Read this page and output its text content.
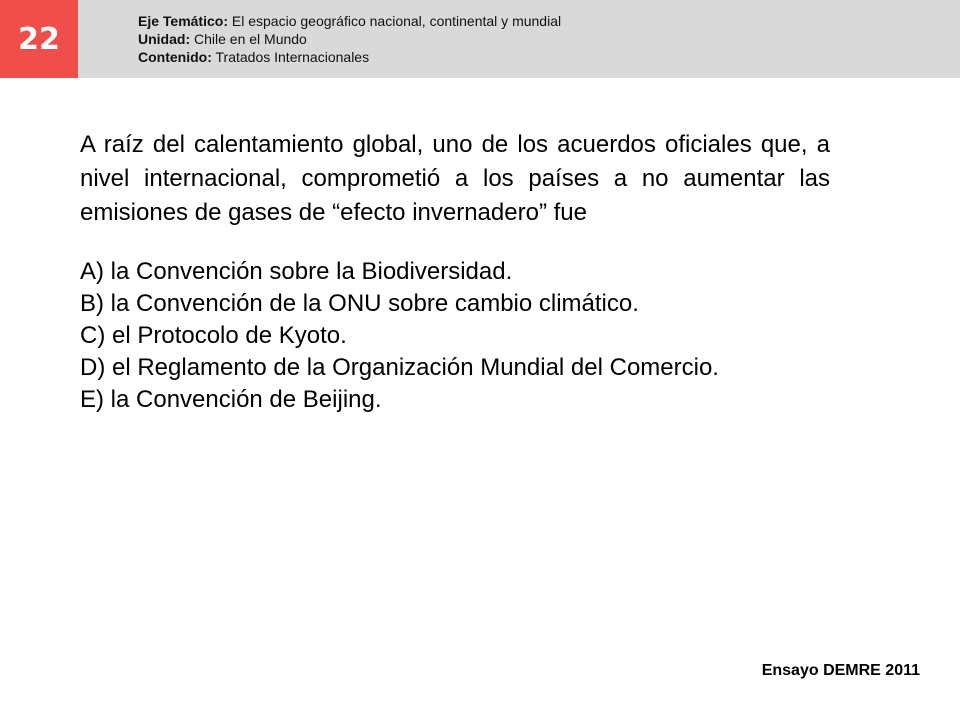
22
Eje Temático: El espacio geográfico nacional, continental y mundial
Unidad: Chile en el Mundo
Contenido: Tratados Internacionales
A raíz del calentamiento global, uno de los acuerdos oficiales que, a nivel internacional, comprometió a los países a no aumentar las emisiones de gases de “efecto invernadero” fue
A) la Convención sobre la Biodiversidad.
B) la Convención de la ONU sobre cambio climático.
C) el Protocolo de Kyoto.
D) el Reglamento de la Organización Mundial del Comercio.
E) la Convención de Beijing.
Ensayo DEMRE 2011
